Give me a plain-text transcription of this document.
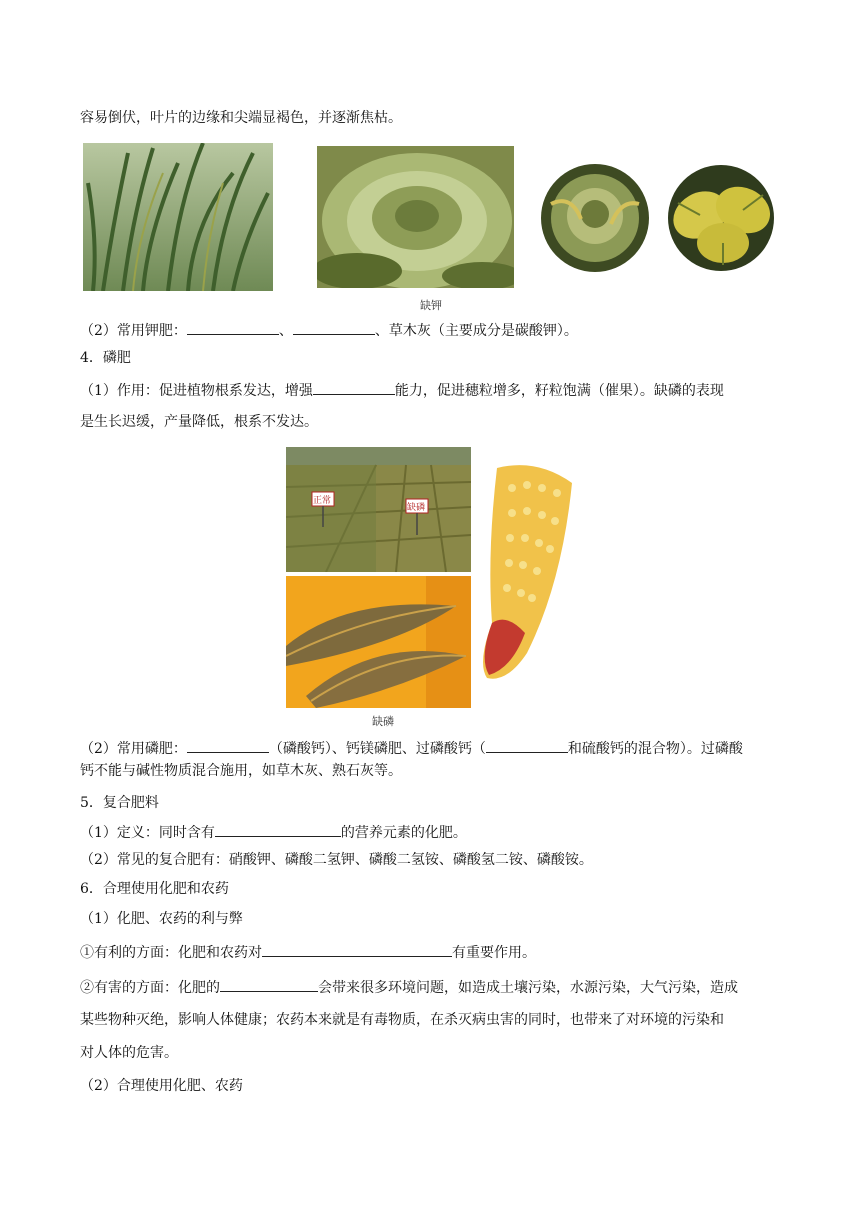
容易倒伏，叶片的边缘和尖端显褐色，并逐渐焦枯。
缺钾
（2）常用钾肥：	、	、草木灰（主要成分是碳酸钾）。
4．磷肥
（1）作用：促进植物根系发达，增强	能力，促进穗粒增多，籽粒饱满（催果）。缺磷的表现
是生长迟缓，产量降低，根系不发达。
正常
缺磷
缺磷
（2）常用磷肥：	（磷酸钙）、钙镁磷肥、过磷酸钙（	和硫酸钙的混合物）。过磷酸
钙不能与碱性物质混合施用，如草木灰、熟石灰等。
5．复合肥料
（1）定义：同时含有	的营养元素的化肥。
（2）常见的复合肥有：硝酸钾、磷酸二氢钾、磷酸二氢铵、磷酸氢二铵、磷酸铵。
6．合理使用化肥和农药
（1）化肥、农药的利与弊
①有利的方面：化肥和农药对	有重要作用。
②有害的方面：化肥的	会带来很多环境问题，如造成土壤污染，水源污染，大气污染，造成
某些物种灭绝，影响人体健康；农药本来就是有毒物质，在杀灭病虫害的同时，也带来了对环境的污染和
对人体的危害。
（2）合理使用化肥、农药
